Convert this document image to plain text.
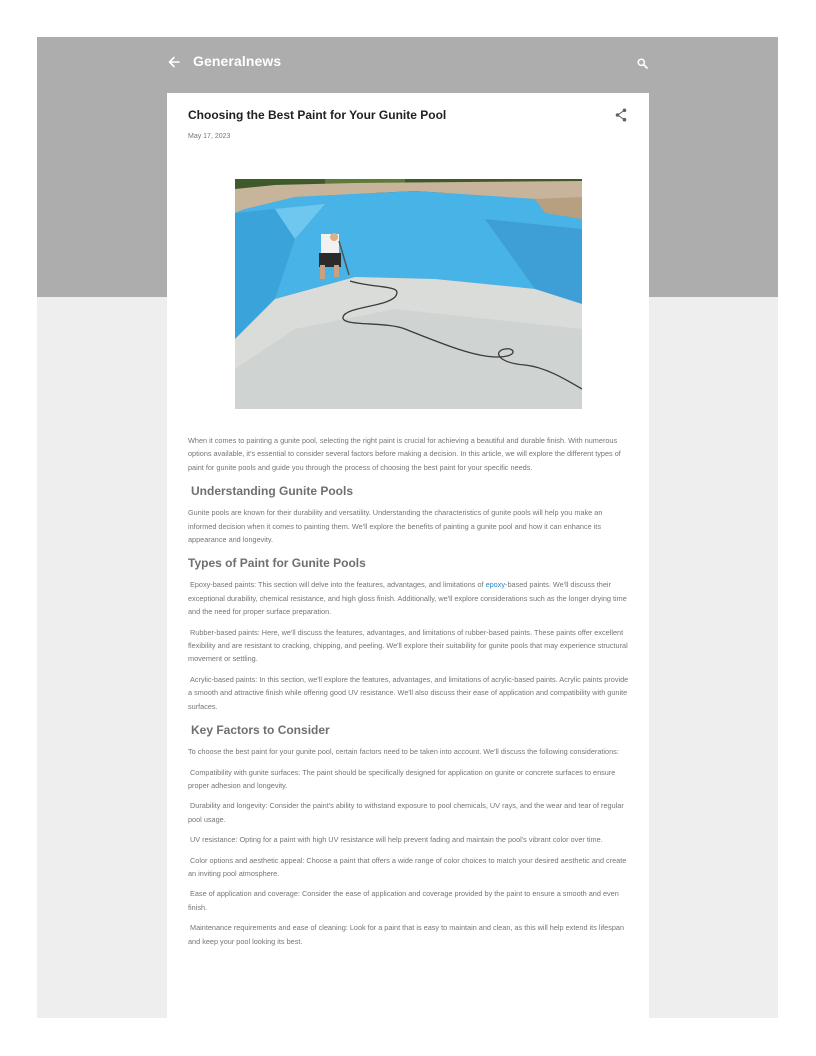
Generalnews
Choosing the Best Paint for Your Gunite Pool
May 17, 2023

When it comes to painting a gunite pool, selecting the right paint is crucial for achieving a beautiful and durable finish. With numerous options available, it's essential to consider several factors before making a decision. In this article, we will explore the different types of paint for gunite pools and guide you through the process of choosing the best paint for your specific needs.

Understanding Gunite Pools

Gunite pools are known for their durability and versatility. Understanding the characteristics of gunite pools will help you make an informed decision when it comes to painting them. We'll explore the benefits of painting a gunite pool and how it can enhance its appearance and longevity.

Types of Paint for Gunite Pools

Epoxy-based paints: This section will delve into the features, advantages, and limitations of epoxy-based paints. We'll discuss their exceptional durability, chemical resistance, and high gloss finish. Additionally, we'll explore considerations such as the longer drying time and the need for proper surface preparation.

Rubber-based paints: Here, we'll discuss the features, advantages, and limitations of rubber-based paints. These paints offer excellent flexibility and are resistant to cracking, chipping, and peeling. We'll explore their suitability for gunite pools that may experience structural movement or settling.

Acrylic-based paints: In this section, we'll explore the features, advantages, and limitations of acrylic-based paints. Acrylic paints provide a smooth and attractive finish while offering good UV resistance. We'll also discuss their ease of application and compatibility with gunite surfaces.

Key Factors to Consider

To choose the best paint for your gunite pool, certain factors need to be taken into account. We'll discuss the following considerations:

Compatibility with gunite surfaces: The paint should be specifically designed for application on gunite or concrete surfaces to ensure proper adhesion and longevity.

Durability and longevity: Consider the paint's ability to withstand exposure to pool chemicals, UV rays, and the wear and tear of regular pool usage.

UV resistance: Opting for a paint with high UV resistance will help prevent fading and maintain the pool's vibrant color over time.

Color options and aesthetic appeal: Choose a paint that offers a wide range of color choices to match your desired aesthetic and create an inviting pool atmosphere.

Ease of application and coverage: Consider the ease of application and coverage provided by the paint to ensure a smooth and even finish.

Maintenance requirements and ease of cleaning: Look for a paint that is easy to maintain and clean, as this will help extend its lifespan and keep your pool looking its best.
